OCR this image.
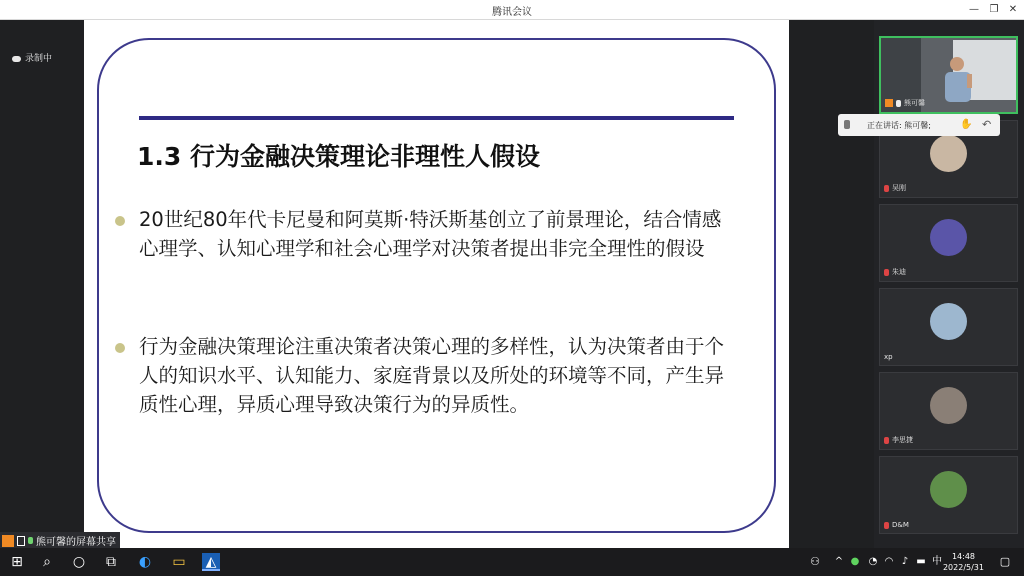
腾讯会议	—	❐	✕
录制中
1.3 行为金融决策理论非理性人假设
20世纪80年代卡尼曼和阿莫斯·特沃斯基创立了前景理论，结合情感心理学、认知心理学和社会心理学对决策者提出非完全理性的假设
行为金融决策理论注重决策者决策心理的多样性，认为决策者由于个人的知识水平、认知能力、家庭背景以及所处的环境等不同，产生异质性心理，异质心理导致决策行为的异质性。
熊可馨
吴刚
朱迪
xp
李思捷
D&M
正在讲话: 熊可馨;	✋ ↶
熊可馨的屏幕共享
⊞	⌕	○ ⧉ ◐ ▭ ◭	⚇	^ ● ◔ ◠ ♪ ▬ 中	14:48
2022/5/31	▢
